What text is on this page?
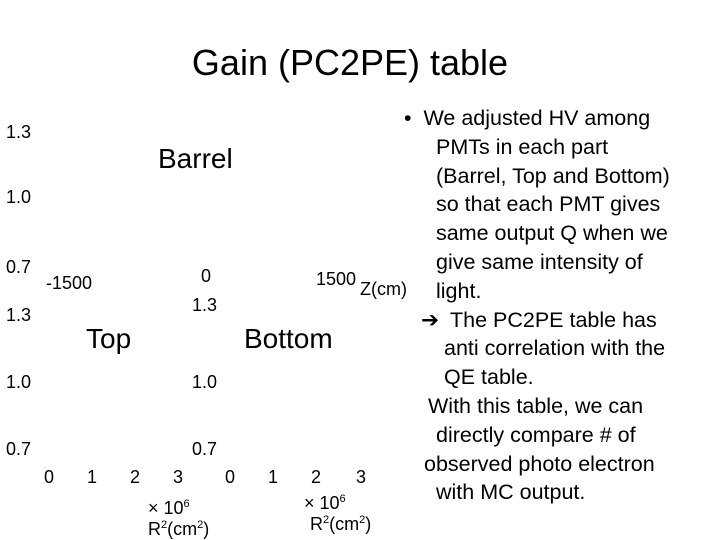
Gain (PC2PE) table
1.3
1.0
0.7
Barrel
-1500	0	1500 Z(cm)
1.3
1.0
0.7
Top
0 1 2 3
× $10^6$
$R^2(cm^2)$
1.3
1.0
0.7
Bottom
0 1 2 3
× $10^6$
$R^2(cm^2)$
• We adjusted HV among
PMTs in each part
(Barrel, Top and Bottom)
so that each PMT gives
same output Q when we
give same intensity of
light.
➔ The PC2PE table has
anti correlation with the
QE table.
With this table, we can
directly compare # of
observed photo electron
with MC output.
